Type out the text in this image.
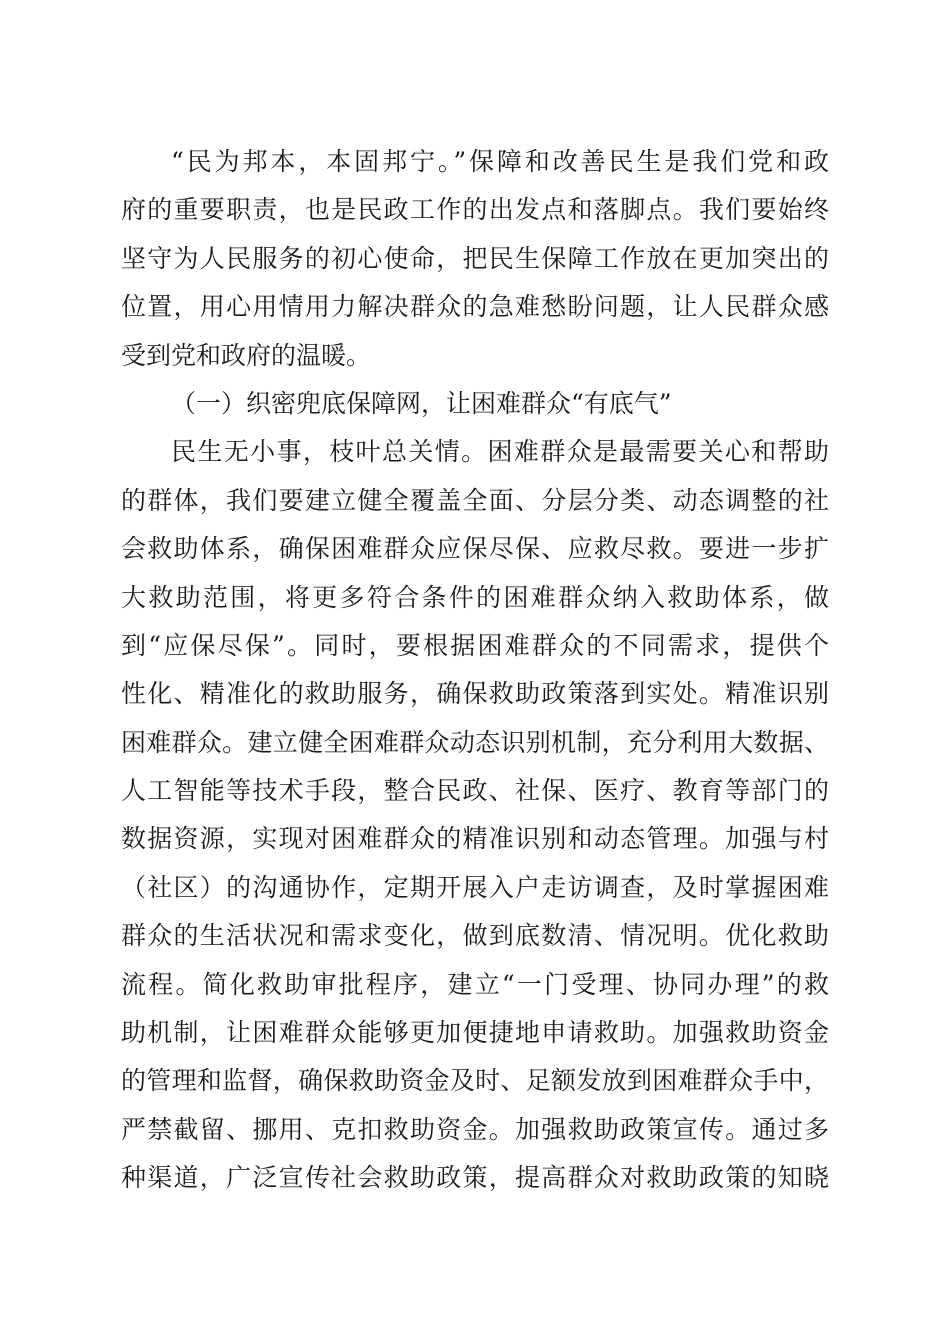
“民为邦本，本固邦宁。”保障和改善民生是我们党和政
府的重要职责，也是民政工作的出发点和落脚点。我们要始终
坚守为人民服务的初心使命，把民生保障工作放在更加突出的
位置，用心用情用力解决群众的急难愁盼问题，让人民群众感
受到党和政府的温暖。
（一）织密兜底保障网，让困难群众“有底气”
民生无小事，枝叶总关情。困难群众是最需要关心和帮助
的群体，我们要建立健全覆盖全面、分层分类、动态调整的社
会救助体系，确保困难群众应保尽保、应救尽救。要进一步扩
大救助范围，将更多符合条件的困难群众纳入救助体系，做
到“应保尽保”。同时，要根据困难群众的不同需求，提供个
性化、精准化的救助服务，确保救助政策落到实处。精准识别
困难群众。建立健全困难群众动态识别机制，充分利用大数据、
人工智能等技术手段，整合民政、社保、医疗、教育等部门的
数据资源，实现对困难群众的精准识别和动态管理。加强与村
（社区）的沟通协作，定期开展入户走访调查，及时掌握困难
群众的生活状况和需求变化，做到底数清、情况明。优化救助
流程。简化救助审批程序，建立“一门受理、协同办理”的救
助机制，让困难群众能够更加便捷地申请救助。加强救助资金
的管理和监督，确保救助资金及时、足额发放到困难群众手中，
严禁截留、挪用、克扣救助资金。加强救助政策宣传。通过多
种渠道，广泛宣传社会救助政策，提高群众对救助政策的知晓
